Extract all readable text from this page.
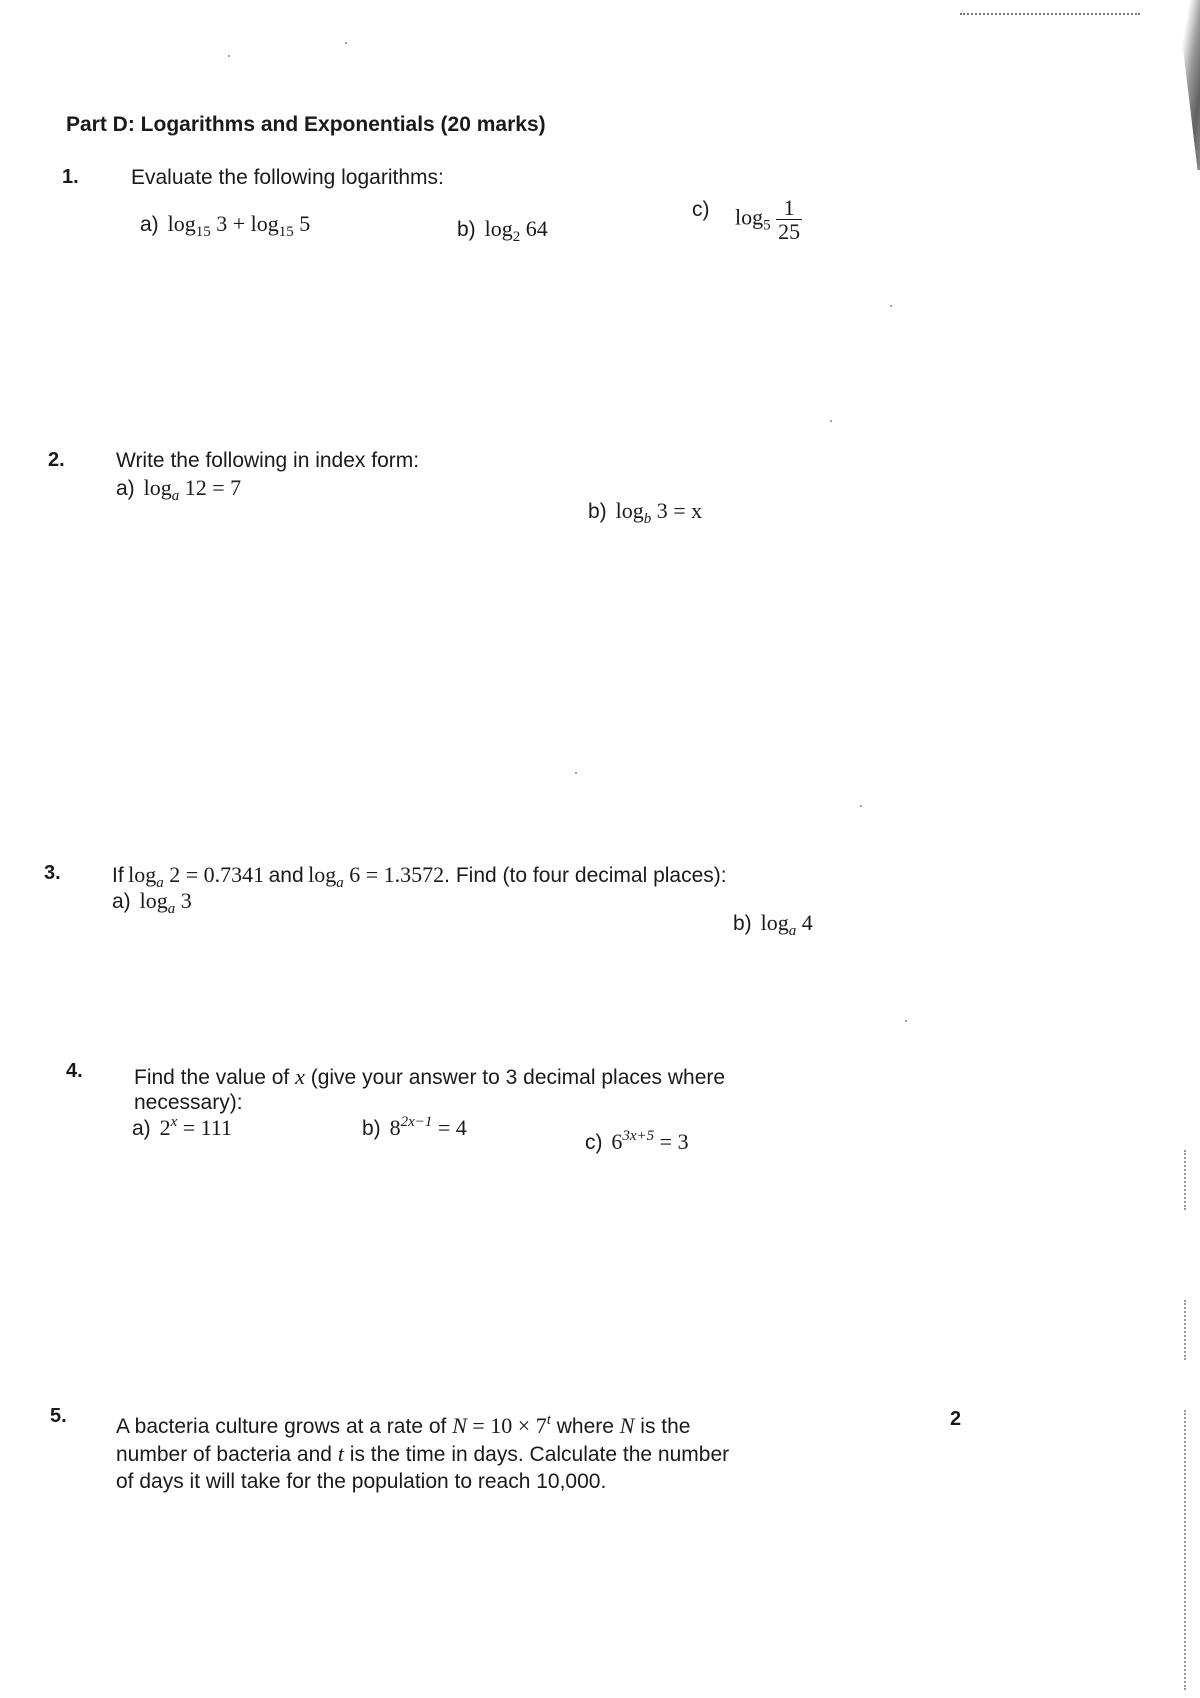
Part D: Logarithms and Exponentials (20 marks)
1. Evaluate the following logarithms:
a) $\log_{15} 3 + \log_{15} 5$	b) $\log_2 64$
c) $\log_5 \frac{1}{25}$
2. Write the following in index form:
a) $\log_a 12 = 7$
b) $\log_b 3 = x$
3. If $\log_a 2 = 0.7341$ and $\log_a 6 = 1.3572$. Find (to four decimal places):
a) $\log_a 3$
b) $\log_a 4$
4. Find the value of x (give your answer to 3 decimal places where necessary):
a) $2^x = 111$	b) $8^{2x-1} = 4$
c) $6^{3x+5} = 3$
5. A bacteria culture grows at a rate of $N = 10 \times 7^t$ where N is the
number of bacteria and t is the time in days. Calculate the number
of days it will take for the population to reach 10,000.
2
